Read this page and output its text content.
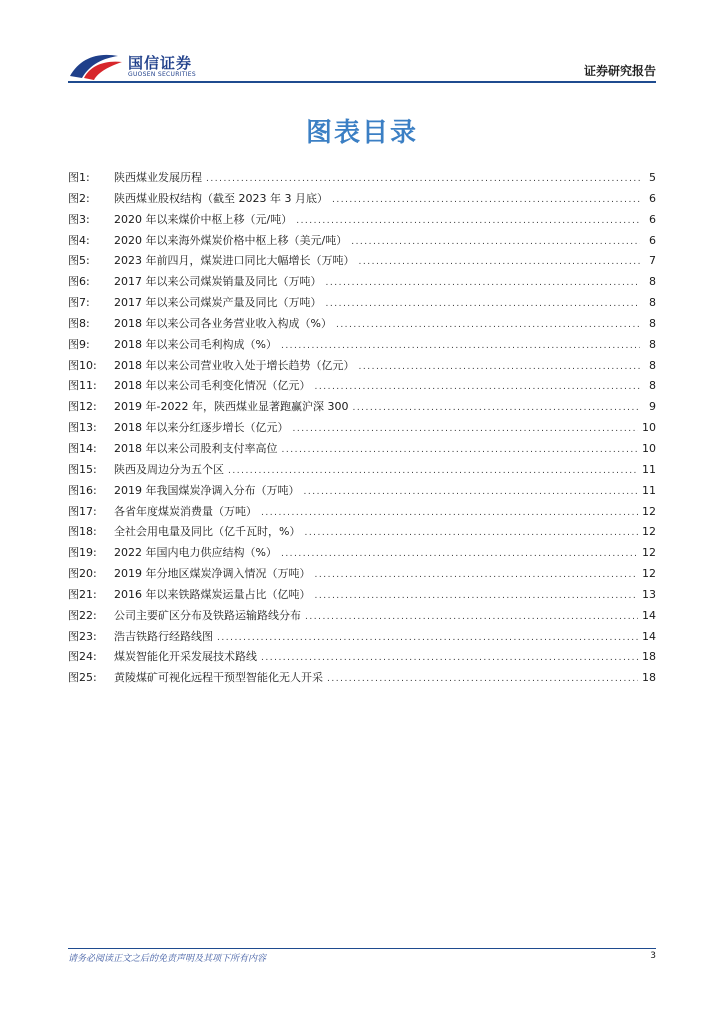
国信证券
GUOSEN SECURITIES	证券研究报告
图表目录
图1:	陕西煤业发展历程 .....	5
图2:	陕西煤业股权结构（截至 2023 年 3 月底） .....	6
图3:	2020 年以来煤价中枢上移（元/吨） .....	6
图4:	2020 年以来海外煤炭价格中枢上移（美元/吨） .....	6
图5:	2023 年前四月，煤炭进口同比大幅增长（万吨） .....	7
图6:	2017 年以来公司煤炭销量及同比（万吨） .....	8
图7:	2017 年以来公司煤炭产量及同比（万吨） .....	8
图8:	2018 年以来公司各业务营业收入构成（%） .....	8
图9:	2018 年以来公司毛利构成（%） .....	8
图10:	2018 年以来公司营业收入处于增长趋势（亿元） .....	8
图11:	2018 年以来公司毛利变化情况（亿元） .....	8
图12:	2019 年-2022 年，陕西煤业显著跑赢沪深 300 .....	9
图13:	2018 年以来分红逐步增长（亿元） .....	10
图14:	2018 年以来公司股利支付率高位 .....	10
图15:	陕西及周边分为五个区 .....	11
图16:	2019 年我国煤炭净调入分布（万吨） .....	11
图17:	各省年度煤炭消费量（万吨） .....	12
图18:	全社会用电量及同比（亿千瓦时，%） .....	12
图19:	2022 年国内电力供应结构（%） .....	12
图20:	2019 年分地区煤炭净调入情况（万吨） .....	12
图21:	2016 年以来铁路煤炭运量占比（亿吨） .....	13
图22:	公司主要矿区分布及铁路运输路线分布 .....	14
图23:	浩吉铁路行经路线图 .....	14
图24:	煤炭智能化开采发展技术路线 .....	18
图25:	黄陵煤矿可视化远程干预型智能化无人开采 .....	18
请务必阅读正文之后的免责声明及其项下所有内容	3
